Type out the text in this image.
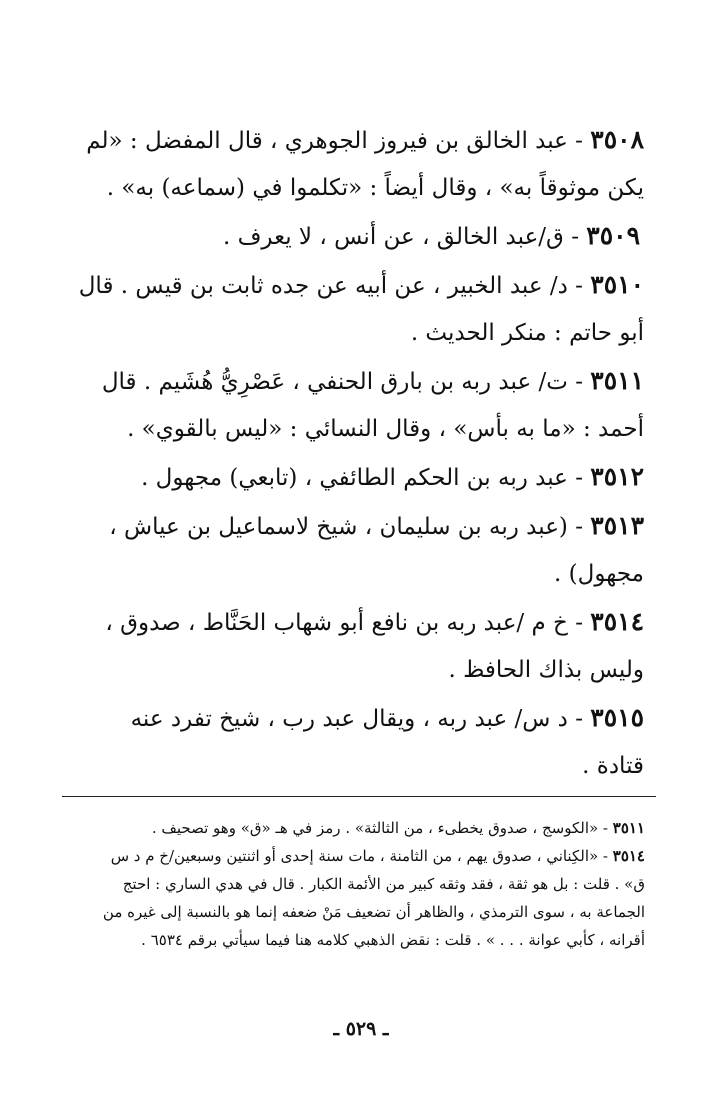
٣٥٠٨ - عبد الخالق بن فيروز الجوهري ، قال المفضل : «لم يكن موثوقاً به» ، وقال أيضاً : «تكلموا في (سماعه) به» .

٣٥٠٩ - ق/عبد الخالق ، عن أنس ، لا يعرف .

٣٥١٠ - د/ عبد الخبير ، عن أبيه عن جده ثابت بن قيس . قال أبو حاتم : منكر الحديث .

٣٥١١ - ت/ عبد ربه بن بارق الحنفي ، عَصْرِيُّ هُشَيم . قال أحمد : «ما به بأس» ، وقال النسائي : «ليس بالقوي» .

٣٥١٢ - عبد ربه بن الحكم الطائفي ، (تابعي) مجهول .

٣٥١٣ - (عبد ربه بن سليمان ، شيخ لاسماعيل بن عياش ، مجهول) .

٣٥١٤ - خ م /عبد ربه بن نافع أبو شهاب الحَنَّاط ، صدوق ، وليس بذاك الحافظ .

٣٥١٥ - د س/ عبد ربه ، ويقال عبد رب ، شيخ تفرد عنه قتادة .

٣٥١١ - «الكوسج ، صدوق يخطىء ، من الثالثة» . رمز في هـ «ق» وهو تصحيف .

٣٥١٤ - «الكِناني ، صدوق يهم ، من الثامنة ، مات سنة إحدى أو اثنتين وسبعين/خ م د س ق» . قلت : بل هو ثقة ، فقد وثقه كبير من الأئمة الكبار . قال في هدي الساري : احتج الجماعة به ، سوى الترمذي ، والظاهر أن تضعيف مَنْ ضعفه إنما هو بالنسبة إلى غيره من أقرانه ، كأبي عوانة . . . » . قلت : نقض الذهبي كلامه هنا فيما سيأتي برقم ٦٥٣٤ .

ـ ٥٢٩ ـ
